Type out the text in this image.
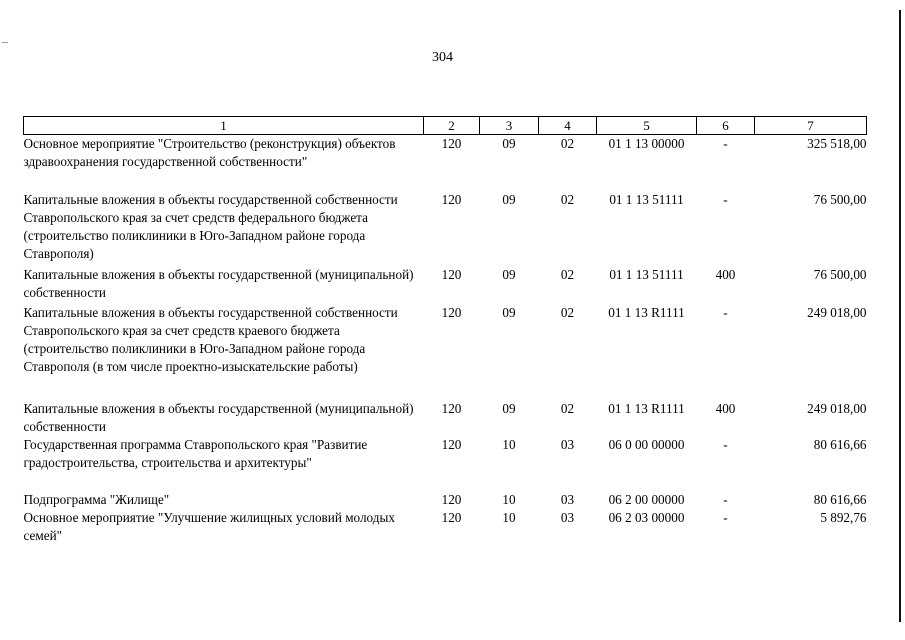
304
1	2	3	4	5	6	7
Основное мероприятие "Строительство (реконструкция) объектов здравоохранения государственной собственности"	120	09	02	01 1 13 00000	-	325 518,00
Капитальные вложения в объекты государственной собственности Ставропольского края за счет средств федерального бюджета (строительство поликлиники в Юго-Западном районе города Ставрополя)	120	09	02	01 1 13 51111	-	76 500,00
Капитальные вложения в объекты государственной (муниципальной) собственности	120	09	02	01 1 13 51111	400	76 500,00
Капитальные вложения в объекты государственной собственности Ставропольского края за счет средств краевого бюджета (строительство поликлиники в Юго-Западном районе города Ставрополя (в том числе проектно-изыскательские работы)	120	09	02	01 1 13 R1111	-	249 018,00
Капитальные вложения в объекты государственной (муниципальной) собственности	120	09	02	01 1 13 R1111	400	249 018,00
Государственная программа Ставропольского края "Развитие градостроительства, строительства и архитектуры"	120	10	03	06 0 00 00000	-	80 616,66
Подпрограмма "Жилище"	120	10	03	06 2 00 00000	-	80 616,66
Основное мероприятие "Улучшение жилищных условий молодых семей"	120	10	03	06 2 03 00000	-	5 892,76
